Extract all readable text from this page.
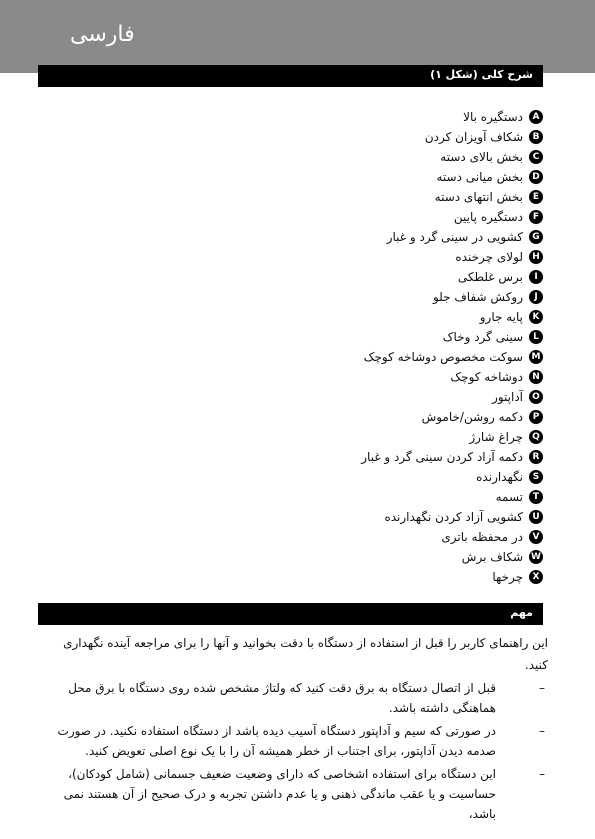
فارسی
شرح کلی (شکل ۱)
A
دستگیره بالا
B
شکاف آویزان کردن
C
بخش بالای دسته
D
بخش میانی دسته
E
بخش انتهای دسته
F
دستگیره پایین
G
کشویی در سینی گرد و غبار
H
لولای چرخنده
I
برس غلطکی
J
روکش شفاف جلو
K
پایه جارو
L
سینی گرد وخاک
M
سوکت مخصوص دوشاخه کوچک
N
دوشاخه کوچک
O
آداپتور
P
دکمه روشن/خاموش
Q
چراغ شارژ
R
دکمه آزاد کردن سینی گرد و غبار
S
نگهدارنده
T
تسمه
U
کشویی آزاد کردن نگهدارنده
V
در محفظه باتری
W
شکاف برش
X
چرخها
مهم

این راهنمای کاربر را قبل از استفاده از دستگاه با دقت بخوانید و آنها را برای مراجعه آینده نگهداری کنید.

–
قبل از اتصال دستگاه به برق دقت کنید که ولتاژ مشخص شده روی دستگاه با برق محل هماهنگی داشته باشد.
–
در صورتی که سیم و آداپتور دستگاه آسیب دیده باشد از دستگاه استفاده نکنید. در صورت صدمه دیدن آداپتور، برای اجتناب از خطر همیشه آن را با یک نوع اصلی تعویض کنید.
–
این دستگاه برای استفاده اشخاصی که دارای وضعیت ضعیف جسمانی (شامل کودکان)، حساسیت و یا عقب ماندگی ذهنی و یا عدم داشتن تجربه و درک صحیح از آن هستند نمی باشد،
